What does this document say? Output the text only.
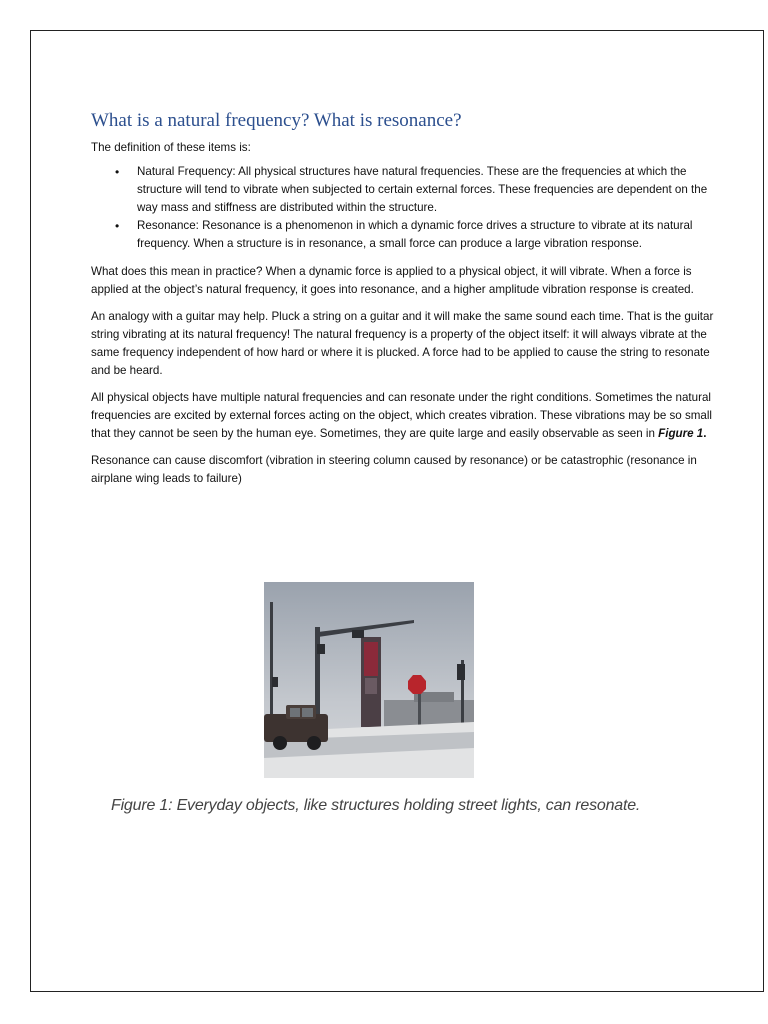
What is a natural frequency? What is resonance?

The definition of these items is:

• Natural Frequency: All physical structures have natural frequencies. These are the frequencies at which the structure will tend to vibrate when subjected to certain external forces. These frequencies are dependent on the way mass and stiffness are distributed within the structure.
• Resonance: Resonance is a phenomenon in which a dynamic force drives a structure to vibrate at its natural frequency. When a structure is in resonance, a small force can produce a large vibration response.

What does this mean in practice? When a dynamic force is applied to a physical object, it will vibrate. When a force is applied at the object’s natural frequency, it goes into resonance, and a higher amplitude vibration response is created.

An analogy with a guitar may help. Pluck a string on a guitar and it will make the same sound each time. That is the guitar string vibrating at its natural frequency! The natural frequency is a property of the object itself: it will always vibrate at the same frequency independent of how hard or where it is plucked. A force had to be applied to cause the string to resonate and be heard.

All physical objects have multiple natural frequencies and can resonate under the right conditions. Sometimes the natural frequencies are excited by external forces acting on the object, which creates vibration. These vibrations may be so small that they cannot be seen by the human eye. Sometimes, they are quite large and easily observable as seen in Figure 1.

Resonance can cause discomfort (vibration in steering column caused by resonance) or be catastrophic (resonance in airplane wing leads to failure)

Figure 1: Everyday objects, like structures holding street lights, can resonate.
